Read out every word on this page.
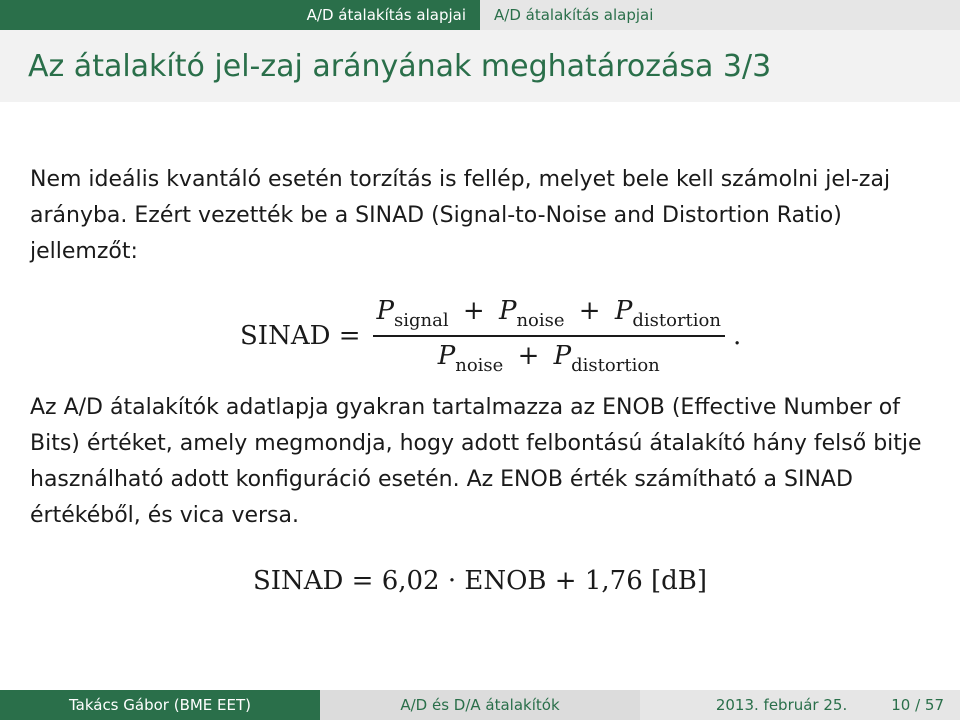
A/D átalakítás alapjai A/D átalakítás alapjai
Az átalakító jel-zaj arányának meghatározása 3/3

Nem ideális kvantáló esetén torzítás is fellép, melyet bele kell számolni jel-zaj arányba. Ezért vezették be a SINAD (Signal-to-Noise and Distortion Ratio) jellemzőt:

SINAD = $\frac{P_{signal} + P_{noise} + P_{distortion}}{P_{noise} + P_{distortion}}$ .

Az A/D átalakítók adatlapja gyakran tartalmazza az ENOB (Effective Number of Bits) értéket, amely megmondja, hogy adott felbontású átalakító hány felső bitje használható adott konfiguráció esetén. Az ENOB érték számítható a SINAD értékéből, és vica versa.

SINAD = 6,02 · ENOB + 1,76 [dB]
Takács Gábor (BME EET)	A/D és D/A átalakítók	2013. február 25.	10 / 57
